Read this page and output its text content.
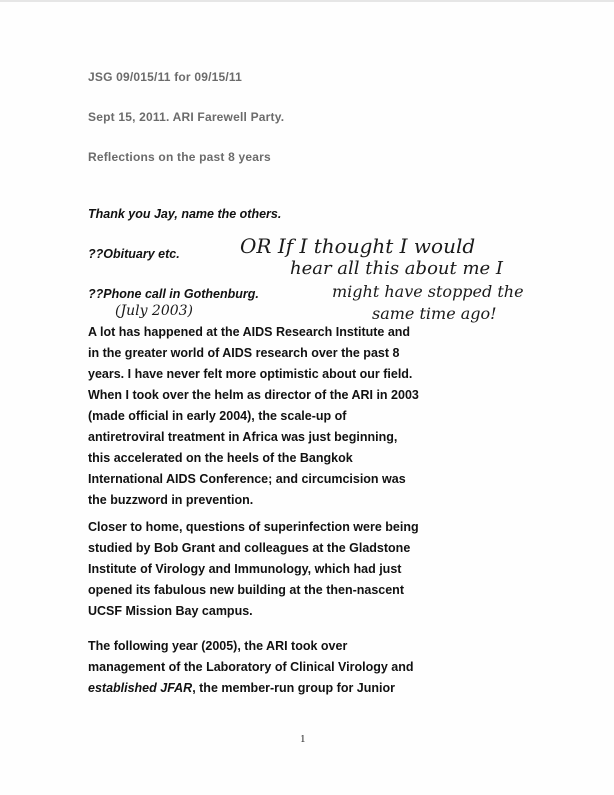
JSG 09/015/11 for 09/15/11
Sept 15, 2011. ARI Farewell Party.
Reflections on the past 8 years
Thank you Jay, name the others.
??Obituary etc.
??Phone call in Gothenburg.
OR If I thought I would
hear all this about me I
might have stopped the
same time ago!
(July 2003)
A lot has happened at the AIDS Research Institute and
in the greater world of AIDS research over the past 8
years. I have never felt more optimistic about our field.
When I took over the helm as director of the ARI in 2003
(made official in early 2004), the scale-up of
antiretroviral treatment in Africa was just beginning,
this accelerated on the heels of the Bangkok
International AIDS Conference; and circumcision was
the buzzword in prevention.
Closer to home, questions of superinfection were being
studied by Bob Grant and colleagues at the Gladstone
Institute of Virology and Immunology, which had just
opened its fabulous new building at the then-nascent
UCSF Mission Bay campus.
The following year (2005), the ARI took over
management of the Laboratory of Clinical Virology and
established JFAR, the member-run group for Junior
1
